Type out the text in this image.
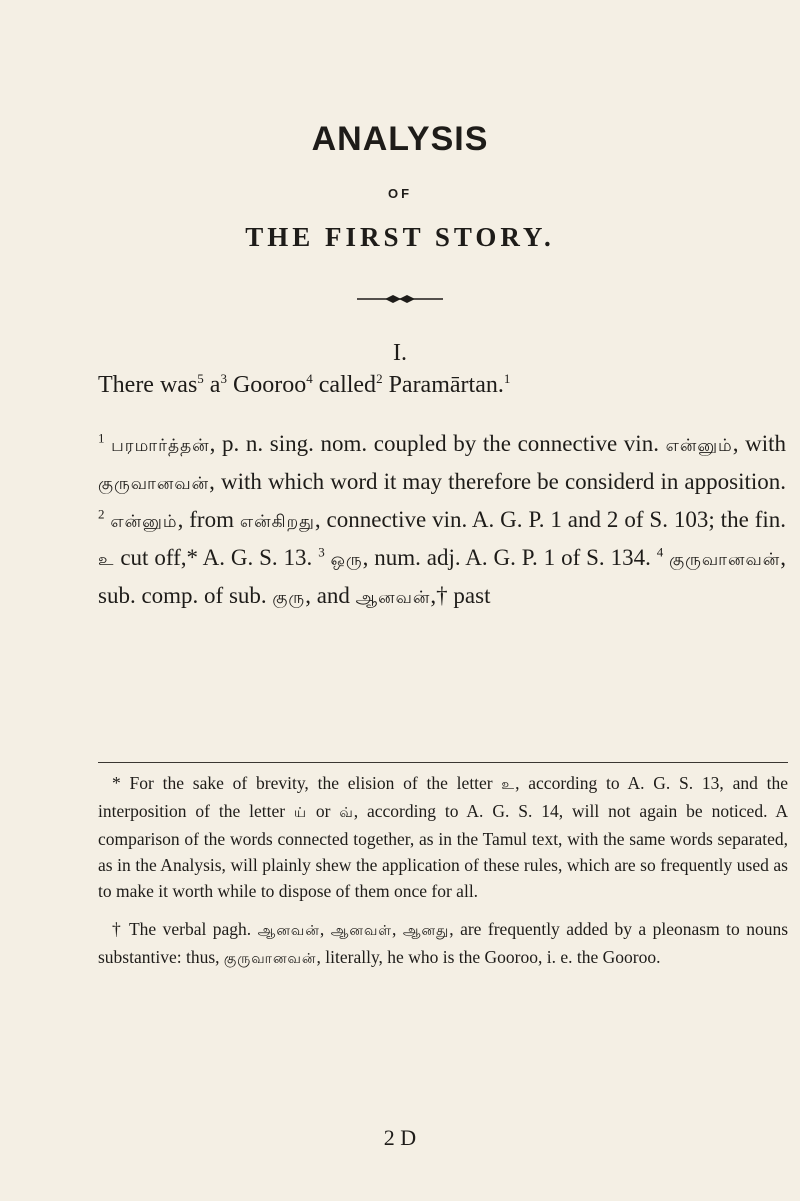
ANALYSIS
OF
THE FIRST STORY.
I.
There was$^5$ $a^3$ Gooroo$^4$ called$^2$ Paramārtan.$^1$

$^1$ பரமார்த்தன், p. n. sing. nom. coupled by the connective vin. என்னும், with குருவானவன், with which word it may therefore be considerd in apposition. $^2$ என்னும், from என்கிறது, connective vin. A. G. P. 1 and 2 of S. 103; the fin. உ cut off,* A. G. S. 13. $^3$ ஒரு, num. adj. A. G. P. 1 of S. 134. $^4$ குருவானவன், sub. comp. of sub. குரு, and ஆனவன்,† past

* For the sake of brevity, the elision of the letter உ, according to A. G. S. 13, and the interposition of the letter ய் or வ், according to A. G. S. 14, will not again be noticed. A comparison of the words connected together, as in the Tamul text, with the same words separated, as in the Analysis, will plainly shew the application of these rules, which are so frequently used as to make it worth while to dispose of them once for all.

† The verbal pagh. ஆனவன், ஆனவள், ஆனது, are frequently added by a pleonasm to nouns substantive: thus, குருவானவன், literally, he who is the Gooroo, i. e. the Gooroo.

2 D
